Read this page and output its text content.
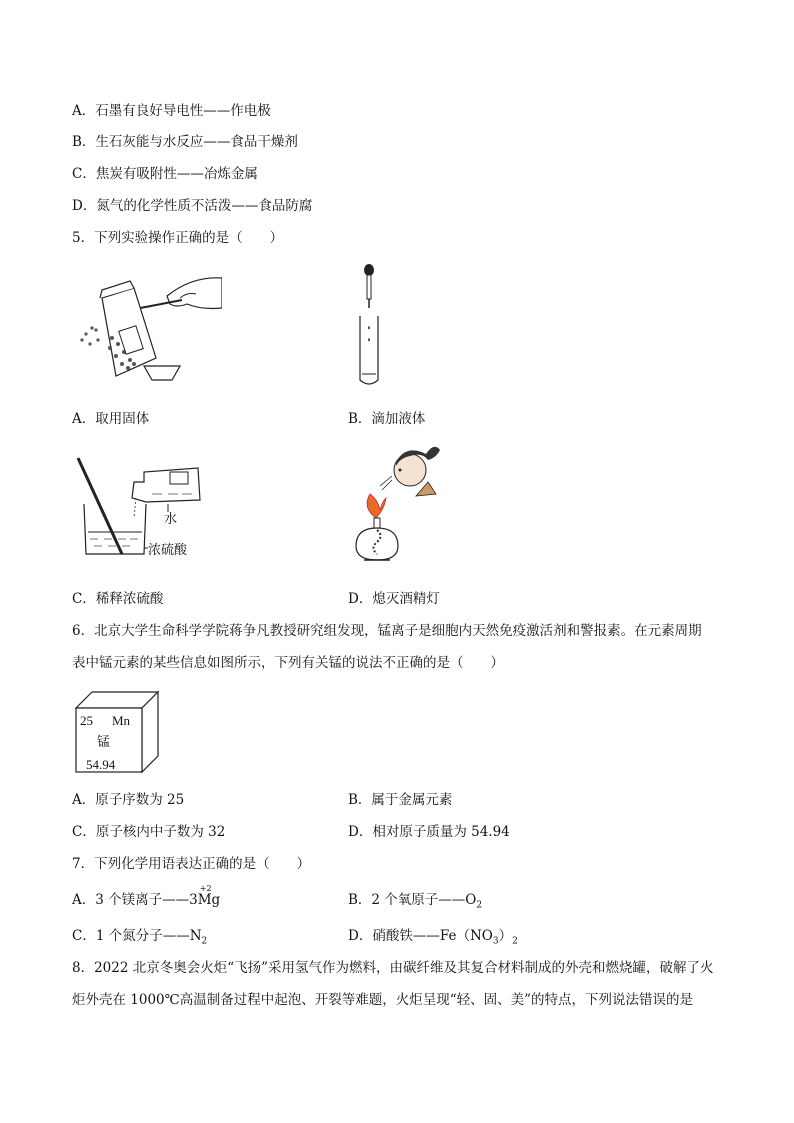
A．石墨有良好导电性——作电极
B．生石灰能与水反应——食品干燥剂
C．焦炭有吸附性——冶炼金属
D．氮气的化学性质不活泼——食品防腐
5．下列实验操作正确的是（　　）
A．取用固体	B．滴加液体
水
浓硫酸
C．稀释浓硫酸	D．熄灭酒精灯
6．北京大学生命科学学院蒋争凡教授研究组发现，锰离子是细胞内天然免疫激活剂和警报素。在元素周期
表中锰元素的某些信息如图所示，下列有关锰的说法不正确的是（　　）
25 Mn
锰
54.94
A．原子序数为 25	B．属于金属元素
C．原子核内中子数为 32	D．相对原子质量为 54.94
7．下列化学用语表达正确的是（　　）
A．3 个镁离子——3
+2
Mg	B．2 个氧原子$——O_2$
C．1 个氮分子$——N_2$	D．硝酸铁$——Fe(NO_3)_2$
8．2022 北京冬奥会火炬“飞扬”采用氢气作为燃料，由碳纤维及其复合材料制成的外壳和燃烧罐，破解了火
炬外壳在 1000℃高温制备过程中起泡、开裂等难题，火炬呈现“轻、固、美”的特点，下列说法错误的是
